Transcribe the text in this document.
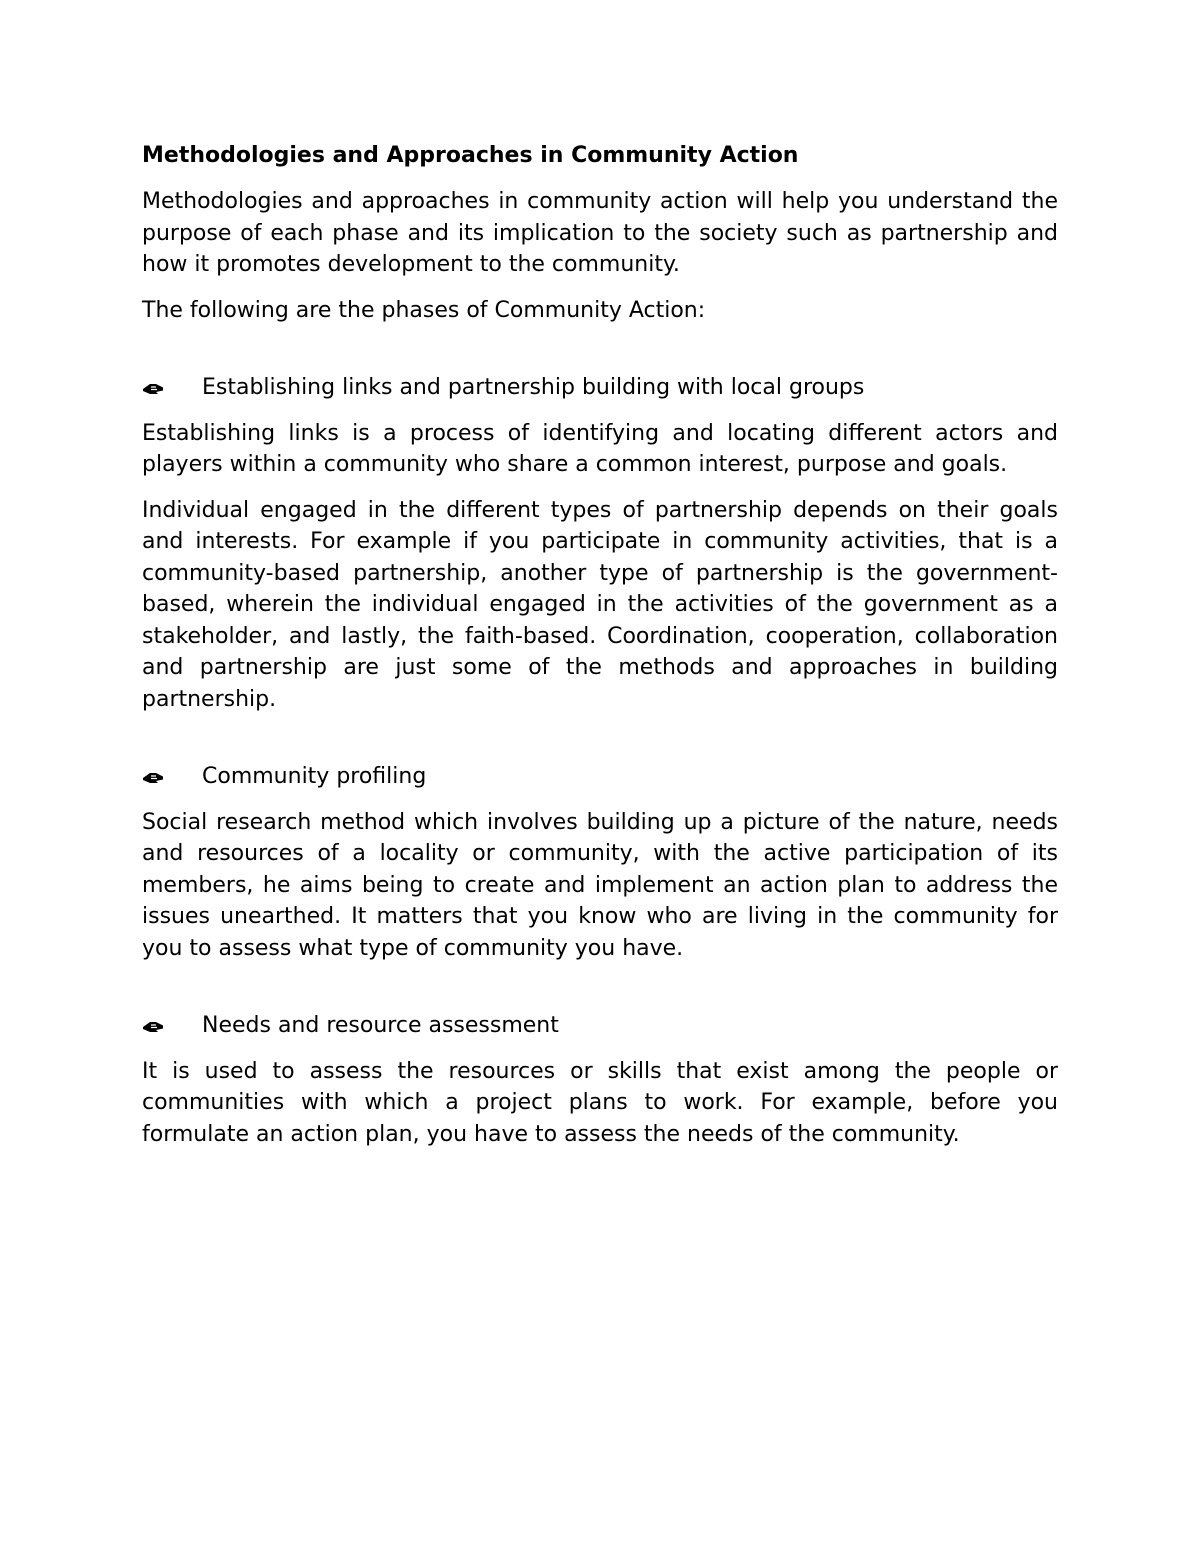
Methodologies and Approaches in Community Action

Methodologies and approaches in community action will help you understand the purpose of each phase and its implication to the society such as partnership and how it promotes development to the community.

The following are the phases of Community Action:

Establishing links and partnership building with local groups

Establishing links is a process of identifying and locating different actors and players within a community who share a common interest, purpose and goals.

Individual engaged in the different types of partnership depends on their goals and interests. For example if you participate in community activities, that is a community-based partnership, another type of partnership is the government-based, wherein the individual engaged in the activities of the government as a stakeholder, and lastly, the faith-based. Coordination, cooperation, collaboration and partnership are just some of the methods and approaches in building partnership.

Community profiling

Social research method which involves building up a picture of the nature, needs and resources of a locality or community, with the active participation of its members, he aims being to create and implement an action plan to address the issues unearthed. It matters that you know who are living in the community for you to assess what type of community you have.

Needs and resource assessment

It is used to assess the resources or skills that exist among the people or communities with which a project plans to work. For example, before you formulate an action plan, you have to assess the needs of the community.
